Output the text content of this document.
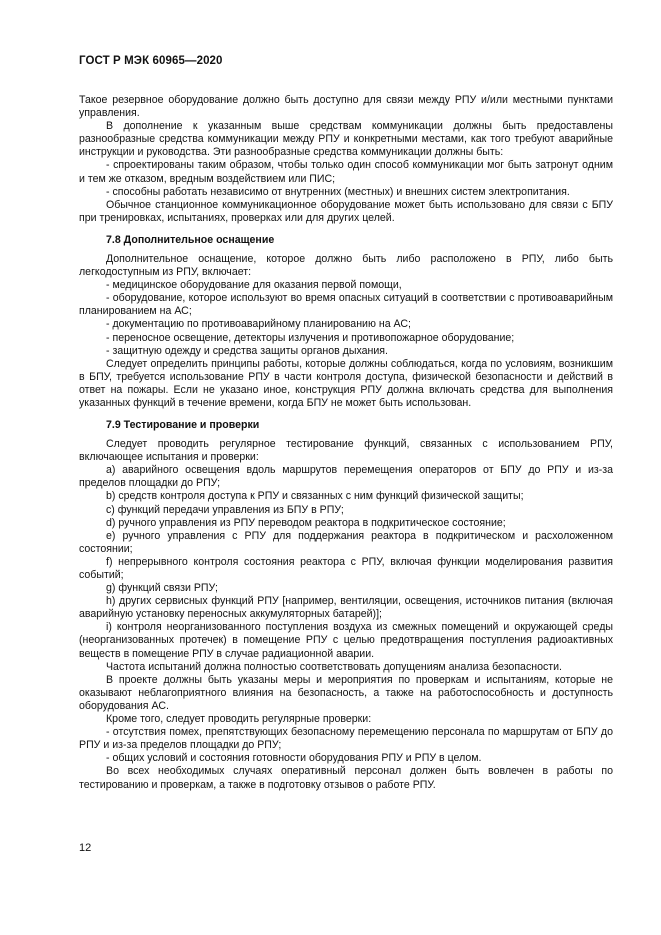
ГОСТ Р МЭК 60965—2020

Такое резервное оборудование должно быть доступно для связи между РПУ и/или местными пунктами управления.

В дополнение к указанным выше средствам коммуникации должны быть предоставлены разнообразные средства коммуникации между РПУ и конкретными местами, как того требуют аварийные инструкции и руководства. Эти разнообразные средства коммуникации должны быть:

- спроектированы таким образом, чтобы только один способ коммуникации мог быть затронут одним и тем же отказом, вредным воздействием или ПИС;

- способны работать независимо от внутренних (местных) и внешних систем электропитания.

Обычное станционное коммуникационное оборудование может быть использовано для связи с БПУ при тренировках, испытаниях, проверках или для других целей.

7.8 Дополнительное оснащение

Дополнительное оснащение, которое должно быть либо расположено в РПУ, либо быть легкодоступным из РПУ, включает:

- медицинское оборудование для оказания первой помощи,

- оборудование, которое используют во время опасных ситуаций в соответствии с противоаварийным планированием на АС;

- документацию по противоаварийному планированию на АС;

- переносное освещение, детекторы излучения и противопожарное оборудование;

- защитную одежду и средства защиты органов дыхания.

Следует определить принципы работы, которые должны соблюдаться, когда по условиям, возникшим в БПУ, требуется использование РПУ в части контроля доступа, физической безопасности и действий в ответ на пожары. Если не указано иное, конструкция РПУ должна включать средства для выполнения указанных функций в течение времени, когда БПУ не может быть использован.

7.9 Тестирование и проверки

Следует проводить регулярное тестирование функций, связанных с использованием РПУ, включающее испытания и проверки:

a) аварийного освещения вдоль маршрутов перемещения операторов от БПУ до РПУ и из-за пределов площадки до РПУ;

b) средств контроля доступа к РПУ и связанных с ним функций физической защиты;

c) функций передачи управления из БПУ в РПУ;

d) ручного управления из РПУ переводом реактора в подкритическое состояние;

e) ручного управления с РПУ для поддержания реактора в подкритическом и расхоложенном состоянии;

f) непрерывного контроля состояния реактора с РПУ, включая функции моделирования развития событий;

g) функций связи РПУ;

h) других сервисных функций РПУ [например, вентиляции, освещения, источников питания (включая аварийную установку переносных аккумуляторных батарей)];

i) контроля неорганизованного поступления воздуха из смежных помещений и окружающей среды (неорганизованных протечек) в помещение РПУ с целью предотвращения поступления радиоактивных веществ в помещение РПУ в случае радиационной аварии.

Частота испытаний должна полностью соответствовать допущениям анализа безопасности.

В проекте должны быть указаны меры и мероприятия по проверкам и испытаниям, которые не оказывают неблагоприятного влияния на безопасность, а также на работоспособность и доступность оборудования АС.

Кроме того, следует проводить регулярные проверки:

- отсутствия помех, препятствующих безопасному перемещению персонала по маршрутам от БПУ до РПУ и из-за пределов площадки до РПУ;

- общих условий и состояния готовности оборудования РПУ и РПУ в целом.

Во всех необходимых случаях оперативный персонал должен быть вовлечен в работы по тестированию и проверкам, а также в подготовку отзывов о работе РПУ.

12
